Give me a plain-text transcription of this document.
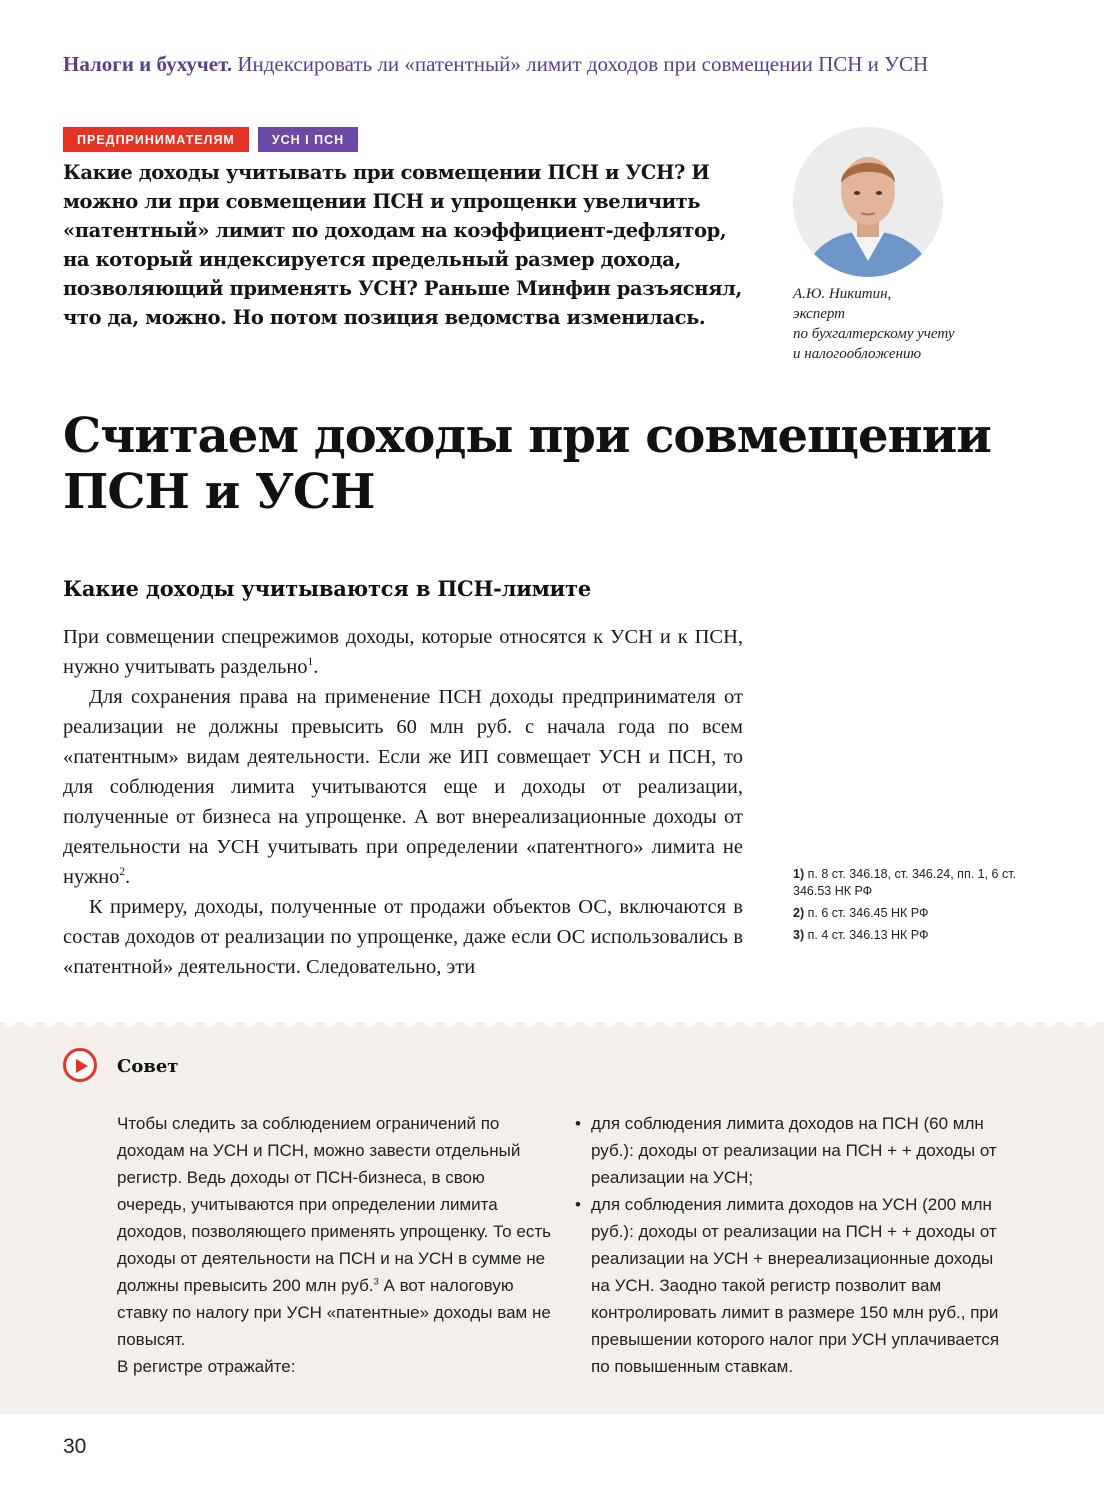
Налоги и бухучет. Индексировать ли «патентный» лимит доходов при совмещении ПСН и УСН
ПРЕДПРИНИМАТЕЛЯМ	УСН I ПСН
Какие доходы учитывать при совмещении ПСН и УСН? И можно ли при совмещении ПСН и упрощенки увеличить «патентный» лимит по доходам на коэффициент-дефлятор, на который индексируется предельный размер дохода, позволяющий применять УСН? Раньше Минфин разъяснял, что да, можно. Но потом позиция ведомства изменилась.
А.Ю. Никитин,
эксперт
по бухгалтерскому учету
и налогообложению
Считаем доходы при совмещении
ПСН и УСН
Какие доходы учитываются в ПСН-лимите

При совмещении спецрежимов доходы, которые относятся к УСН и к ПСН, нужно учитывать раздельно$^1$.

Для сохранения права на применение ПСН доходы предпринимателя от реализации не должны превысить 60 млн руб. с начала года по всем «патентным» видам деятельности. Если же ИП совмещает УСН и ПСН, то для соблюдения лимита учитываются еще и доходы от реализации, полученные от бизнеса на упрощенке. А вот внереализационные доходы от деятельности на УСН учитывать при определении «патентного» лимита не нужно$^2$.

К примеру, доходы, полученные от продажи объектов ОС, включаются в состав доходов от реализации по упрощенке, даже если ОС использовались в «патентной» деятельности. Следовательно, эти

1) п. 8 ст. 346.18, ст. 346.24, пп. 1, 6 ст. 346.53 НК РФ
2) п. 6 ст. 346.45 НК РФ
3) п. 4 ст. 346.13 НК РФ
Совет
Чтобы следить за соблюдением ограничений по доходам на УСН и ПСН, можно завести отдельный регистр. Ведь доходы от ПСН-бизнеса, в свою очередь, учитываются при определении лимита доходов, позволяющего применять упрощенку. То есть доходы от деятельности на ПСН и на УСН в сумме не должны превысить 200 млн руб.$^3$ А вот налоговую ставку по налогу при УСН «патентные» доходы вам не повысят.
В регистре отражайте:
• для соблюдения лимита доходов на ПСН (60 млн руб.): доходы от реализации на ПСН + + доходы от реализации на УСН;
• для соблюдения лимита доходов на УСН (200 млн руб.): доходы от реализации на ПСН + + доходы от реализации на УСН + внереализационные доходы на УСН. Заодно такой регистр позволит вам контролировать лимит в размере 150 млн руб., при превышении которого налог при УСН уплачивается по повышенным ставкам.
30
